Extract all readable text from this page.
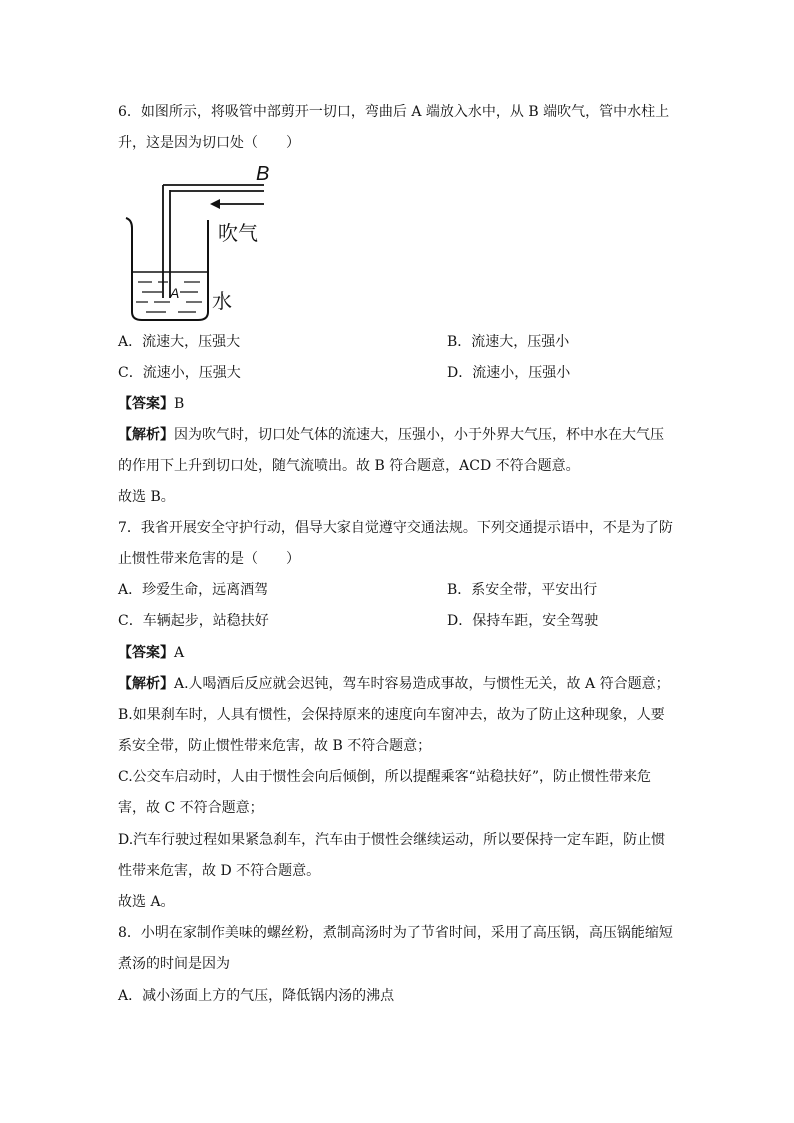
6．如图所示，将吸管中部剪开一切口，弯曲后 A 端放入水中，从 B 端吹气，管中水柱上
升，这是因为切口处（　　）
B
吹气
A 水
A．流速大，压强大	B．流速大，压强小
C．流速小，压强大	D．流速小，压强小
【答案】B
【解析】因为吹气时，切口处气体的流速大，压强小，小于外界大气压，杯中水在大气压
的作用下上升到切口处，随气流喷出。故 B 符合题意，ACD 不符合题意。
故选 B。
7．我省开展安全守护行动，倡导大家自觉遵守交通法规。下列交通提示语中，不是为了防
止惯性带来危害的是（　　）
A．珍爱生命，远离酒驾	B．系安全带，平安出行
C．车辆起步，站稳扶好	D．保持车距，安全驾驶
【答案】A
【解析】A.人喝酒后反应就会迟钝，驾车时容易造成事故，与惯性无关，故 A 符合题意；
B.如果刹车时，人具有惯性，会保持原来的速度向车窗冲去，故为了防止这种现象，人要
系安全带，防止惯性带来危害，故 B 不符合题意；
C.公交车启动时，人由于惯性会向后倾倒，所以提醒乘客“站稳扶好”，防止惯性带来危
害，故 C 不符合题意；
D.汽车行驶过程如果紧急刹车，汽车由于惯性会继续运动，所以要保持一定车距，防止惯
性带来危害，故 D 不符合题意。
故选 A。
8．小明在家制作美味的螺丝粉，煮制高汤时为了节省时间，采用了高压锅，高压锅能缩短
煮汤的时间是因为
A．减小汤面上方的气压，降低锅内汤的沸点
